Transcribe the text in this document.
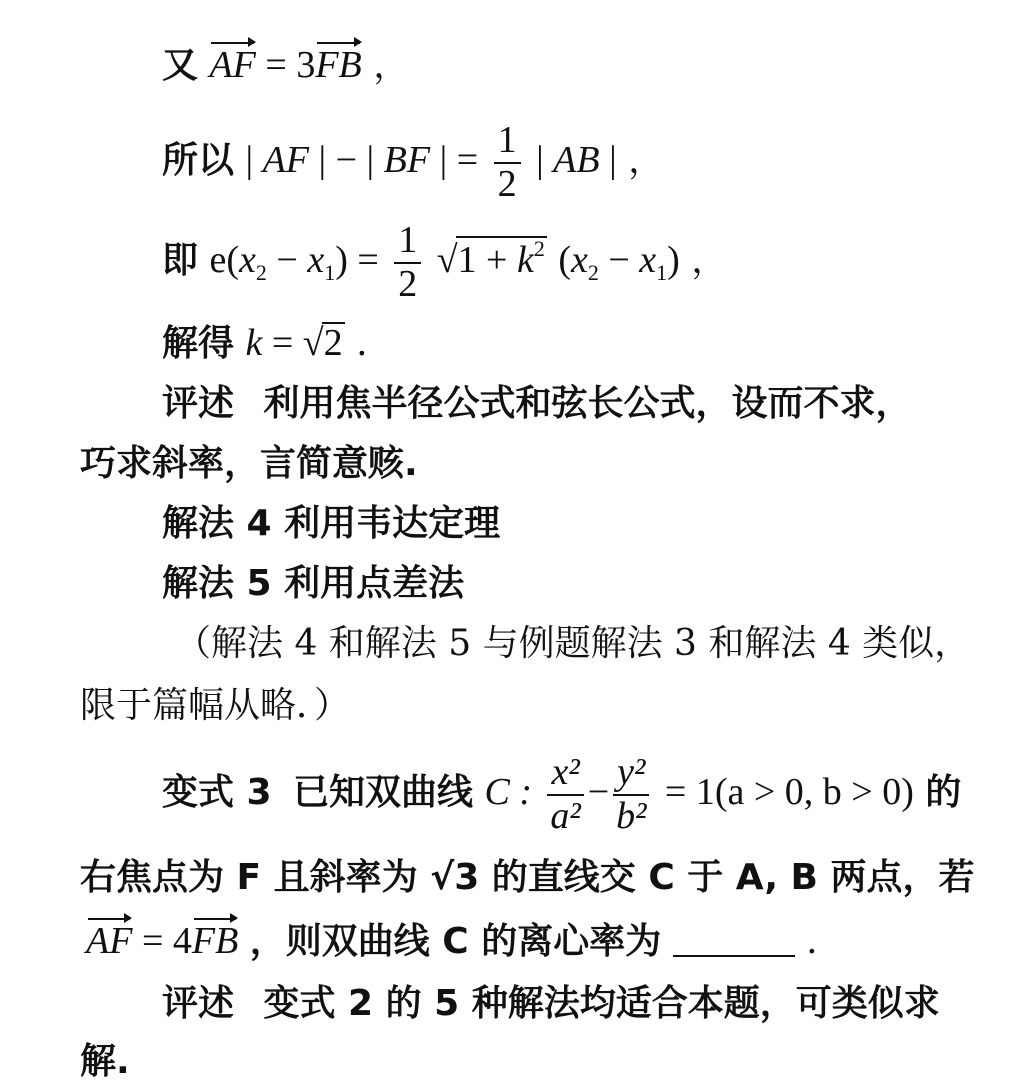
又 AF = 3FB ，
所以 | AF | − | BF | = $\frac{1}{2}$ | AB | ，
即 $e(x_2 - x_1) = \frac{1}{2} √1 + k^2$ $(x_2 - x_1)$ ，
解得 k = √2 .
评述 利用焦半径公式和弦长公式，设而不求，
巧求斜率，言简意赅.
解法 4 利用韦达定理
解法 5 利用点差法
（解法 4 和解法 5 与例题解法 3 和解法 4 类似，
限于篇幅从略．）
变式 3 已知双曲线 C : $\frac{\text{x²}}{\text{a²}} - \frac{\text{y²}}{\text{b²}} = 1(a > 0$, b > 0) 的
右焦点为 F 且斜率为 √3 的直线交 C 于 A, B 两点，若
AF = 4FB ，则双曲线 C 的离心率为	.
评述 变式 2 的 5 种解法均适合本题，可类似求
解.
